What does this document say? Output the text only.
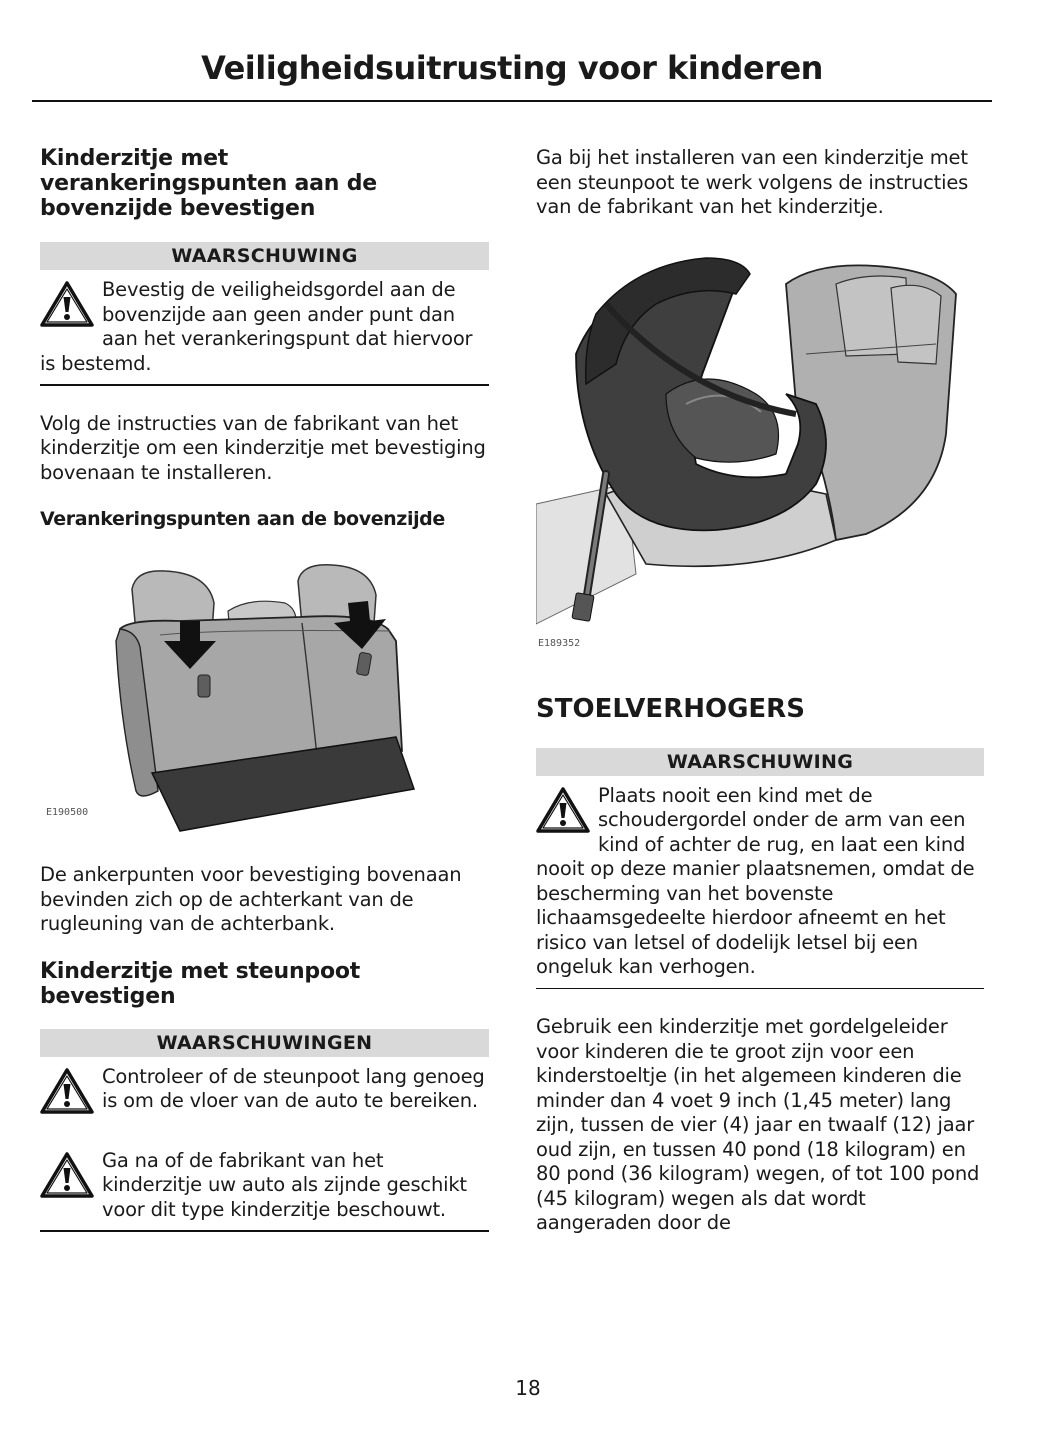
Veiligheidsuitrusting voor kinderen
Kinderzitje met verankeringspunten aan de bovenzijde bevestigen
WAARSCHUWING

Bevestig de veiligheidsgordel aan de bovenzijde aan geen ander punt dan aan het verankeringspunt dat hiervoor is bestemd.

Volg de instructies van de fabrikant van het kinderzitje om een kinderzitje met bevestiging bovenaan te installeren.

Verankeringspunten aan de bovenzijde
E190500

De ankerpunten voor bevestiging bovenaan bevinden zich op de achterkant van de rugleuning van de achterbank.

Kinderzitje met steunpoot bevestigen
WAARSCHUWINGEN

Controleer of de steunpoot lang genoeg is om de vloer van de auto te bereiken.

Ga na of de fabrikant van het kinderzitje uw auto als zijnde geschikt voor dit type kinderzitje beschouwt.

Ga bij het installeren van een kinderzitje met een steunpoot te werk volgens de instructies van de fabrikant van het kinderzitje.

E189352
STOELVERHOGERS
WAARSCHUWING

Plaats nooit een kind met de schoudergordel onder de arm van een kind of achter de rug, en laat een kind nooit op deze manier plaatsnemen, omdat de bescherming van het bovenste lichaamsgedeelte hierdoor afneemt en het risico van letsel of dodelijk letsel bij een ongeluk kan verhogen.

Gebruik een kinderzitje met gordelgeleider voor kinderen die te groot zijn voor een kinderstoeltje (in het algemeen kinderen die minder dan 4 voet 9 inch (1,45 meter) lang zijn, tussen de vier (4) jaar en twaalf (12) jaar oud zijn, en tussen 40 pond (18 kilogram) en 80 pond (36 kilogram) wegen, of tot 100 pond (45 kilogram) wegen als dat wordt aangeraden door de

18
